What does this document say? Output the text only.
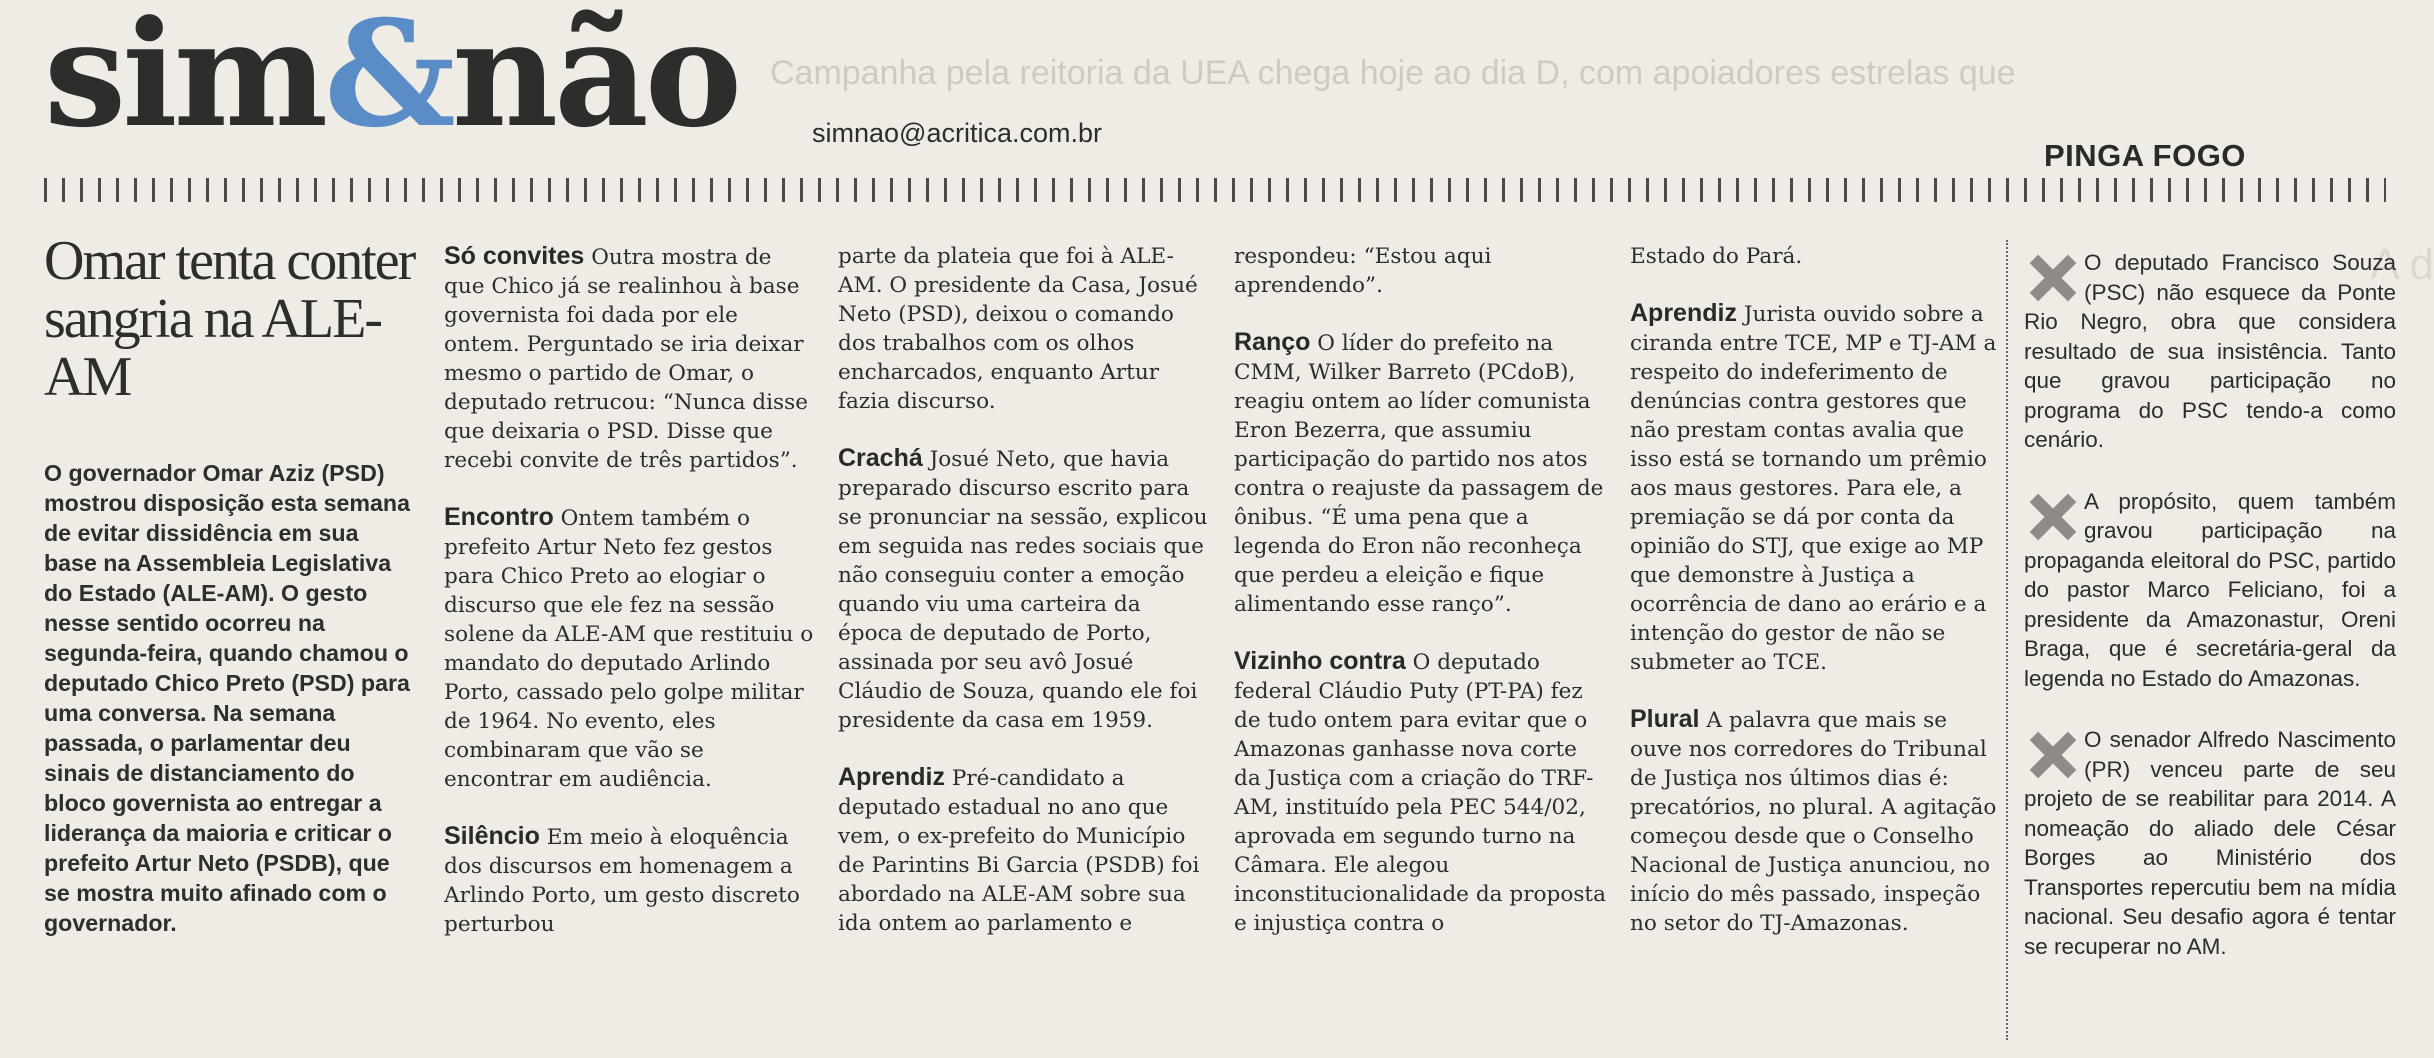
Campanha pela reitoria da UEA chega hoje ao dia D, com apoiadores estrelas que
A d
sim&não	simnao@acritica.com.br
PINGA FOGO
Omar tenta conter sangria na ALE-AM
O governador Omar Aziz (PSD) mostrou disposição esta semana de evitar dissidência em sua base na Assembleia Legislativa do Estado (ALE-AM). O gesto nesse sentido ocorreu na segunda-feira, quando chamou o deputado Chico Preto (PSD) para uma conversa. Na semana passada, o parlamentar deu sinais de distanciamento do bloco governista ao entregar a liderança da maioria e criticar o prefeito Artur Neto (PSDB), que se mostra muito afinado com o governador.

Só convites Outra mostra de que Chico já se realinhou à base governista foi dada por ele ontem. Perguntado se iria deixar mesmo o partido de Omar, o deputado retrucou: “Nunca disse que deixaria o PSD. Disse que recebi convite de três partidos”.

Encontro Ontem também o prefeito Artur Neto fez gestos para Chico Preto ao elogiar o discurso que ele fez na sessão solene da ALE-AM que restituiu o mandato do deputado Arlindo Porto, cassado pelo golpe militar de 1964. No evento, eles combinaram que vão se encontrar em audiência.

Silêncio Em meio à eloquência dos discursos em homenagem a Arlindo Porto, um gesto discreto perturbou

parte da plateia que foi à ALE-AM. O presidente da Casa, Josué Neto (PSD), deixou o comando dos trabalhos com os olhos encharcados, enquanto Artur fazia discurso.

Crachá Josué Neto, que havia preparado discurso escrito para se pronunciar na sessão, explicou em seguida nas redes sociais que não conseguiu conter a emoção quando viu uma carteira da época de deputado de Porto, assinada por seu avô Josué Cláudio de Souza, quando ele foi presidente da casa em 1959.

Aprendiz Pré-candidato a deputado estadual no ano que vem, o ex-prefeito do Município de Parintins Bi Garcia (PSDB) foi abordado na ALE-AM sobre sua ida ontem ao parlamento e

respondeu: “Estou aqui aprendendo”.

Ranço O líder do prefeito na CMM, Wilker Barreto (PCdoB), reagiu ontem ao líder comunista Eron Bezerra, que assumiu participação do partido nos atos contra o reajuste da passagem de ônibus. “É uma pena que a legenda do Eron não reconheça que perdeu a eleição e fique alimentando esse ranço”.

Vizinho contra O deputado federal Cláudio Puty (PT-PA) fez de tudo ontem para evitar que o Amazonas ganhasse nova corte da Justiça com a criação do TRF-AM, instituído pela PEC 544/02, aprovada em segundo turno na Câmara. Ele alegou inconstitucionalidade da proposta e injustiça contra o

Estado do Pará.

Aprendiz Jurista ouvido sobre a ciranda entre TCE, MP e TJ-AM a respeito do indeferimento de denúncias contra gestores que não prestam contas avalia que isso está se tornando um prêmio aos maus gestores. Para ele, a premiação se dá por conta da opinião do STJ, que exige ao MP que demonstre à Justiça a ocorrência de dano ao erário e a intenção do gestor de não se submeter ao TCE.

Plural A palavra que mais se ouve nos corredores do Tribunal de Justiça nos últimos dias é: precatórios, no plural. A agitação começou desde que o Conselho Nacional de Justiça anunciou, no início do mês passado, inspeção no setor do TJ-Amazonas.

O deputado Francisco Souza (PSC) não esquece da Ponte Rio Negro, obra que considera resultado de sua insistência. Tanto que gravou participação no programa do PSC tendo-a como cenário.
A propósito, quem também gravou participação na propaganda eleitoral do PSC, partido do pastor Marco Feliciano, foi a presidente da Amazonastur, Oreni Braga, que é secretária-geral da legenda no Estado do Amazonas.
O senador Alfredo Nascimento (PR) venceu parte de seu projeto de se reabilitar para 2014. A nomeação do aliado dele César Borges ao Ministério dos Transportes repercutiu bem na mídia nacional. Seu desafio agora é tentar se recuperar no AM.
